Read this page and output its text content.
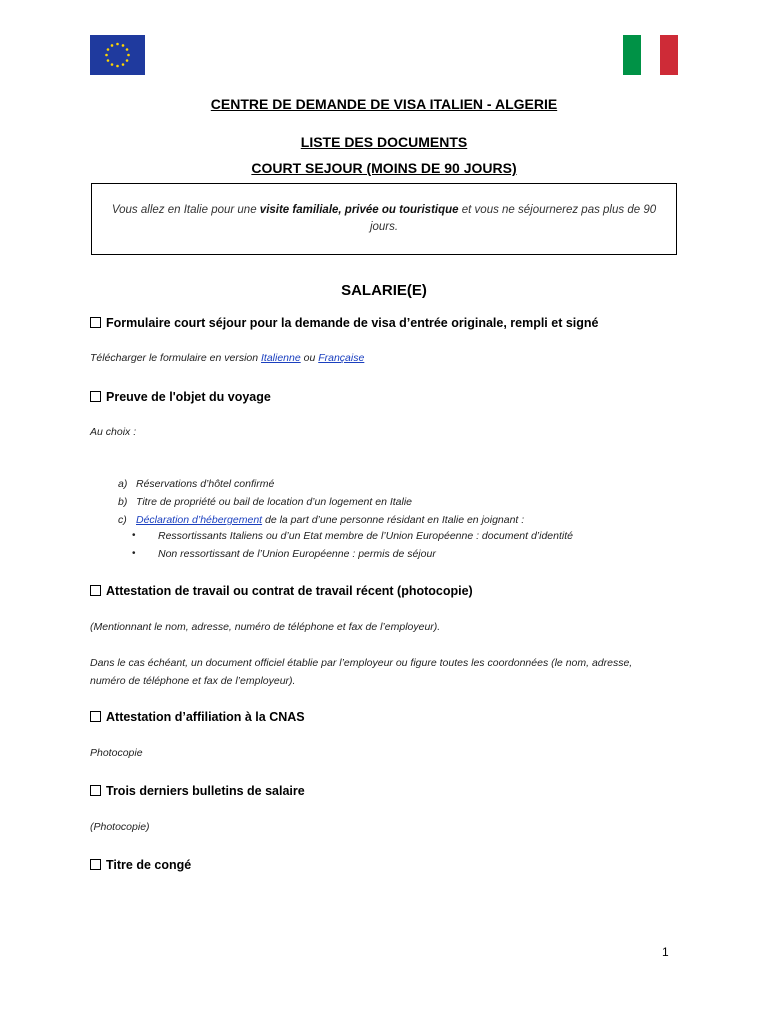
CENTRE DE DEMANDE DE VISA ITALIEN - ALGERIE
LISTE DES DOCUMENTS
COURT SEJOUR (MOINS DE 90 JOURS)
Vous allez en Italie pour une visite familiale, privée ou touristique et vous ne séjournerez pas plus de 90 jours.
SALARIE(E)
Formulaire court séjour pour la demande de visa d’entrée originale, rempli et signé
Télécharger le formulaire en version Italienne ou Française
Preuve de l'objet du voyage
Au choix :
a) Réservations d’hôtel confirmé
b) Titre de propriété ou bail de location d’un logement en Italie
c) Déclaration d’hébergement de la part d’une personne résidant en Italie en joignant :
• Ressortissants Italiens ou d’un Etat membre de l’Union Européenne : document d’identité
• Non ressortissant de l’Union Européenne : permis de séjour
Attestation de travail ou contrat de travail récent (photocopie)
(Mentionnant le nom, adresse, numéro de téléphone et fax de l’employeur).
Dans le cas échéant, un document officiel établie par l’employeur ou figure toutes les coordonnées (le nom, adresse, numéro de téléphone et fax de l’employeur).
Attestation d’affiliation à la CNAS
Photocopie
Trois derniers bulletins de salaire
(Photocopie)
Titre de congé
1
